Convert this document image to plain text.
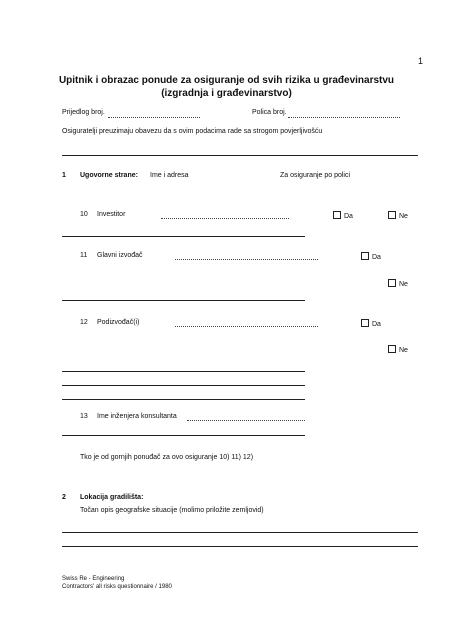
1
Upitnik i obrazac ponude za osiguranje od svih rizika u građevinarstvu
(izgradnja i građevinarstvo)
Prijedlog broj.	Polica broj.
Osiguratelji preuzimaju obavezu da s ovim podacima rade sa strogom povjerljivošću
1 Ugovorne strane: Ime i adresa	Za osiguranje po polici
10 Investitor	Da	Ne
11 Glavni izvođač	Da
Ne
12 Podizvođač(i)	Da
Ne
13 Ime inženjera konsultanta
Tko je od gornjih ponuđač za ovo osiguranje 10) 11) 12)
2 Lokacija gradilišta:
Točan opis geografske situacije (molimo priložite zemljovid)
Swiss Re - Engineering
Contractors' all risks questionnaire / 1980
